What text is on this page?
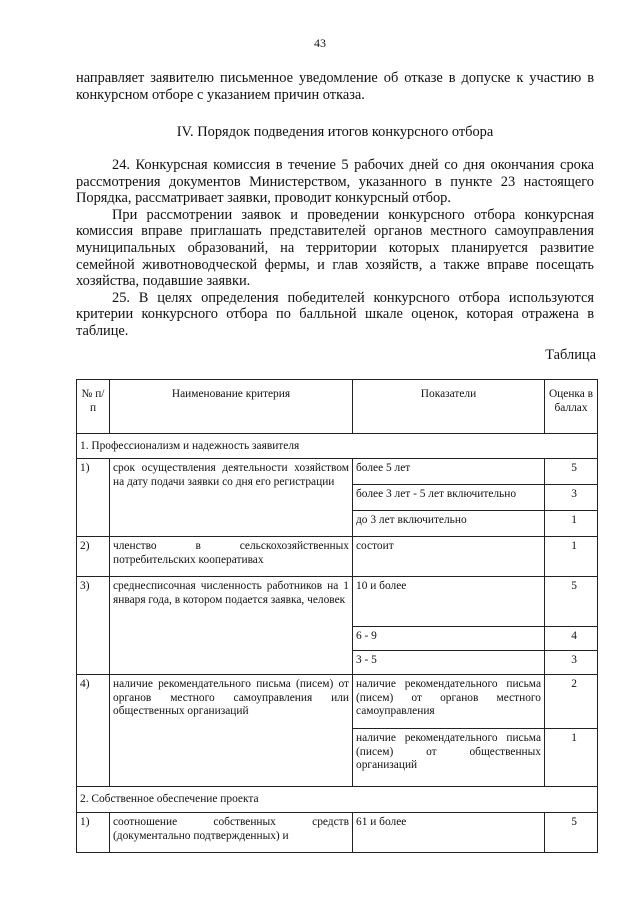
43

направляет заявителю письменное уведомление об отказе в допуске к участию в конкурсном отборе с указанием причин отказа.

IV. Порядок подведения итогов конкурсного отбора

24. Конкурсная комиссия в течение 5 рабочих дней со дня окончания срока рассмотрения документов Министерством, указанного в пункте 23 настоящего Порядка, рассматривает заявки, проводит конкурсный отбор.

При рассмотрении заявок и проведении конкурсного отбора конкурсная комиссия вправе приглашать представителей органов местного самоуправления муниципальных образований, на территории которых планируется развитие семейной животноводческой фермы, и глав хозяйств, а также вправе посещать хозяйства, подавшие заявки.

25. В целях определения победителей конкурсного отбора используются критерии конкурсного отбора по балльной шкале оценок, которая отражена в таблице.

Таблица
№ п/п	Наименование критерия	Показатели	Оценка в баллах
1. Профессионализм и надежность заявителя			
1)	срок осуществления деятельности хозяйством на дату подачи заявки со дня его регистрации	более 5 лет	5
		более 3 лет - 5 лет включительно	3
		до 3 лет включительно	1
2)	членство в сельскохозяйственных потребительских кооперативах	состоит	1
3)	среднесписочная численность работников на 1 января года, в котором подается заявка, человек	10 и более	5
		6 - 9	4
		3 - 5	3
4)	наличие рекомендательного письма (писем) от органов местного самоуправления или общественных организаций	наличие рекомендательного письма (писем) от органов местного самоуправления	2
		наличие рекомендательного письма (писем) от общественных организаций	1
2. Собственное обеспечение проекта			
1)	соотношение собственных средств (документально подтвержденных) и	61 и более	5
